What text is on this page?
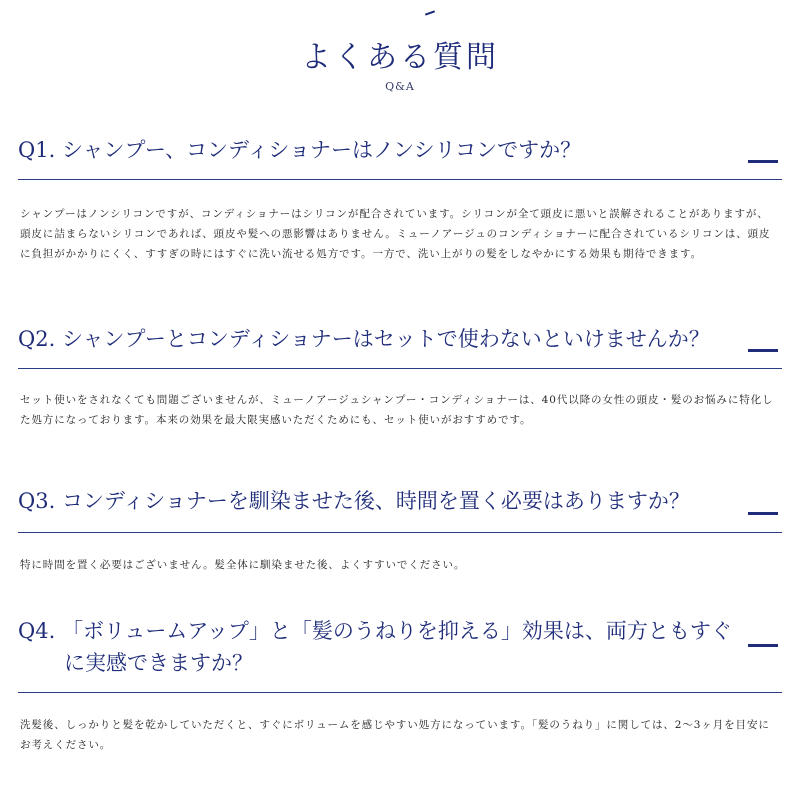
よくある質問
Q&A
Q1. シャンプー、コンディショナーはノンシリコンですか？
シャンプーはノンシリコンですが、コンディショナーはシリコンが配合されています。シリコンが全て頭皮に悪いと誤解されることがありますが、頭皮に詰まらないシリコンであれば、頭皮や髪への悪影響はありません。ミューノアージュのコンディショナーに配合されているシリコンは、頭皮に負担がかかりにくく、すすぎの時にはすぐに洗い流せる処方です。一方で、洗い上がりの髪をしなやかにする効果も期待できます。
Q2. シャンプーとコンディショナーはセットで使わないといけませんか？
セット使いをされなくても問題ございませんが、ミューノアージュシャンプー・コンディショナーは、40代以降の女性の頭皮・髪のお悩みに特化した処方になっております。本来の効果を最大限実感いただくためにも、セット使いがおすすめです。
Q3. コンディショナーを馴染ませた後、時間を置く必要はありますか？
特に時間を置く必要はございません。髪全体に馴染ませた後、よくすすいでください。
Q4. 「ボリュームアップ」と「髪のうねりを抑える」効果は、両方ともすぐ
に実感できますか？
洗髪後、しっかりと髪を乾かしていただくと、すぐにボリュームを感じやすい処方になっています。「髪のうねり」に関しては、2〜3ヶ月を目安にお考えください。
